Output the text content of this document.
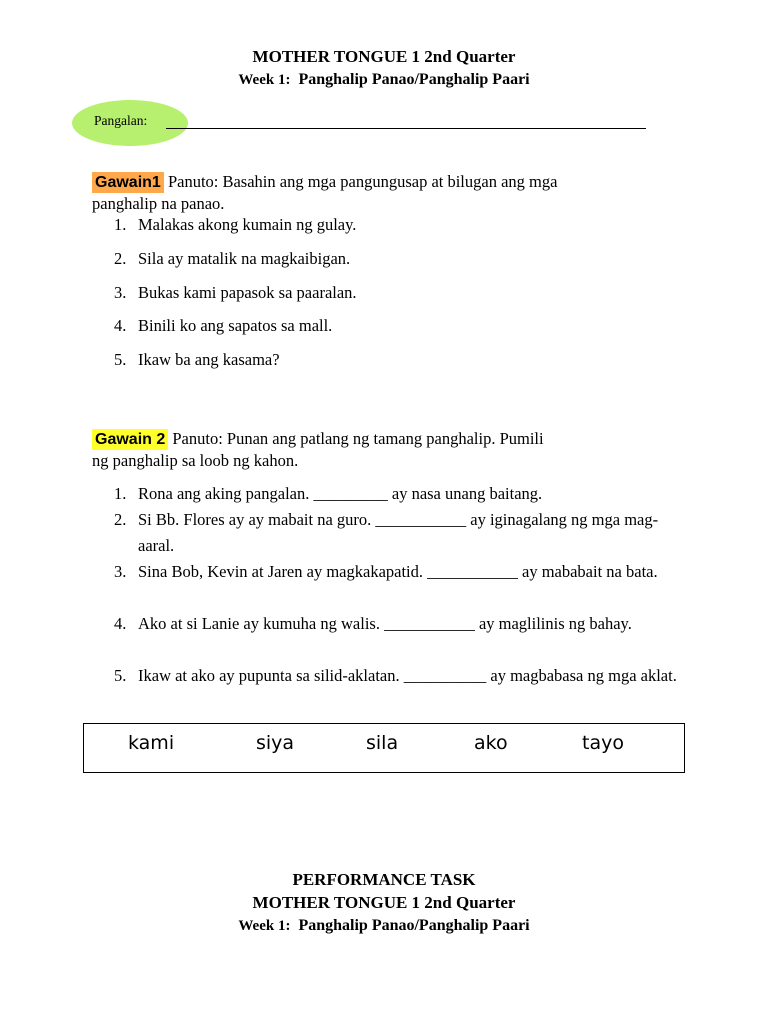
MOTHER TONGUE 1 2nd Quarter
Week 1: Panghalip Panao/Panghalip Paari
Pangalan:
Gawain1 Panuto: Basahin ang mga pangungusap at bilugan ang mga
panghalip na panao.
1. Malakas akong kumain ng gulay.
2. Sila ay matalik na magkaibigan.
3. Bukas kami papasok sa paaralan.
4. Binili ko ang sapatos sa mall.
5. Ikaw ba ang kasama?
Gawain 2 Panuto: Punan ang patlang ng tamang panghalip. Pumili
ng panghalip sa loob ng kahon.
1. Rona ang aking pangalan. _________ ay nasa unang baitang.
2. Si Bb. Flores ay ay mabait na guro. ___________ ay iginagalang ng mga mag-aaral.
3. Sina Bob, Kevin at Jaren ay magkakapatid. ___________ ay mababait na bata.
4. Ako at si Lanie ay kumuha ng walis. ___________ ay maglilinis ng bahay.
5. Ikaw at ako ay pupunta sa silid-aklatan. __________ ay magbabasa ng mga aklat.
kami	siya	sila	ako	tayo
PERFORMANCE TASK
MOTHER TONGUE 1 2nd Quarter
Week 1: Panghalip Panao/Panghalip Paari
